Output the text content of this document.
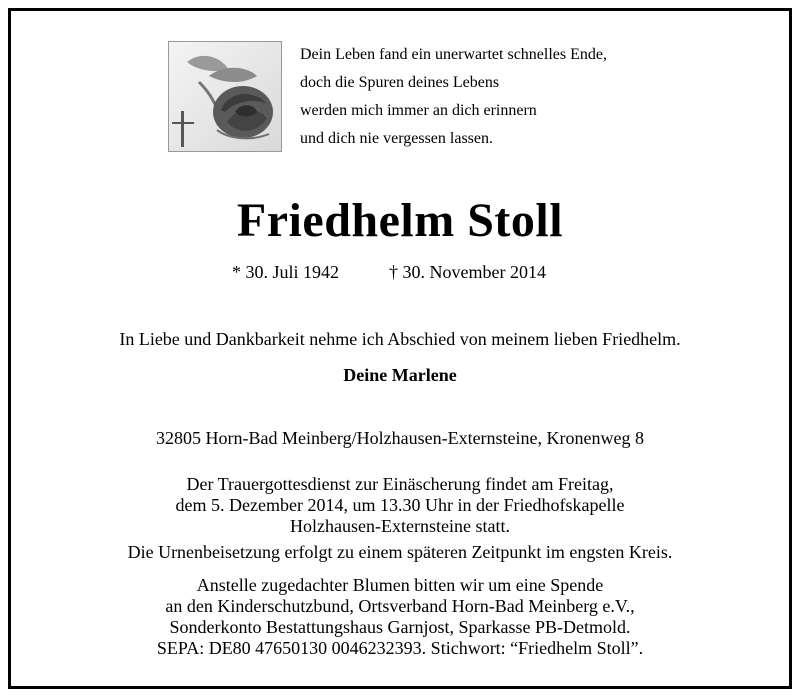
Dein Leben fand ein unerwartet schnelles Ende,
doch die Spuren deines Lebens
werden mich immer an dich erinnern
und dich nie vergessen lassen.
Friedhelm Stoll
* 30. Juli 1942	† 30. November 2014
In Liebe und Dankbarkeit nehme ich Abschied von meinem lieben Friedhelm.
Deine Marlene
32805 Horn-Bad Meinberg/Holzhausen-Externsteine, Kronenweg 8
Der Trauergottesdienst zur Einäscherung findet am Freitag,
dem 5. Dezember 2014, um 13.30 Uhr in der Friedhofskapelle
Holzhausen-Externsteine statt.
Die Urnenbeisetzung erfolgt zu einem späteren Zeitpunkt im engsten Kreis.
Anstelle zugedachter Blumen bitten wir um eine Spende
an den Kinderschutzbund, Ortsverband Horn-Bad Meinberg e.V.,
Sonderkonto Bestattungshaus Garnjost, Sparkasse PB-Detmold.
SEPA: DE80 47650130 0046232393. Stichwort: “Friedhelm Stoll”.
